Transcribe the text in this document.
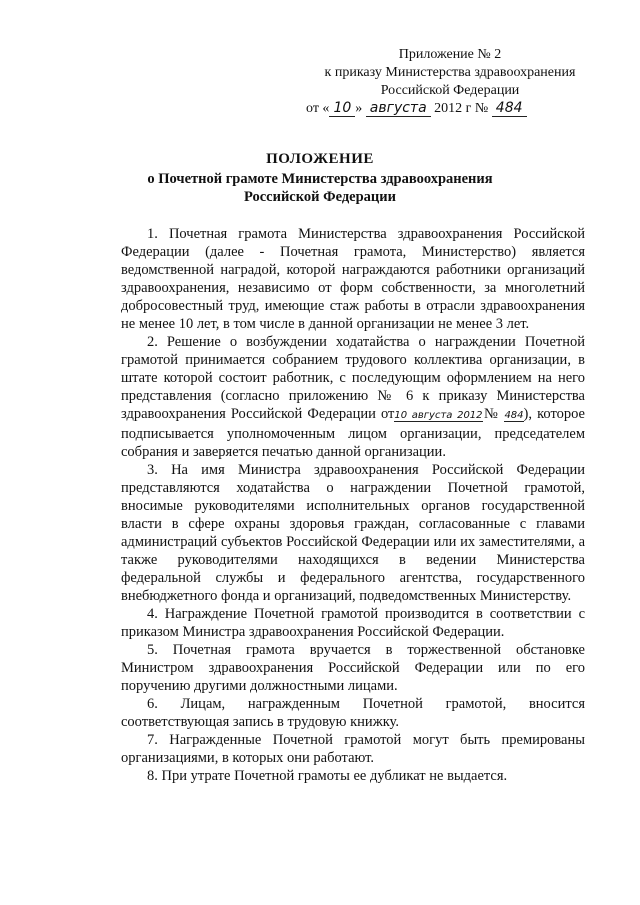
Приложение № 2
к приказу Министерства здравоохранения
Российской Федерации
от « 10 » августа 2012 г № 484
ПОЛОЖЕНИЕ
о Почетной грамоте Министерства здравоохранения
Российской Федерации

1. Почетная грамота Министерства здравоохранения Российской Федерации (далее - Почетная грамота, Министерство) является ведомственной наградой, которой награждаются работники организаций здравоохранения, независимо от форм собственности, за многолетний добросовестный труд, имеющие стаж работы в отрасли здравоохранения не менее 10 лет, в том числе в данной организации не менее 3 лет.

2. Решение о возбуждении ходатайства о награждении Почетной грамотой принимается собранием трудового коллектива организации, в штате которой состоит работник, с последующим оформлением на него представления (согласно приложению № 6 к приказу Министерства здравоохранения Российской Федерации от10 августа 2012№ 484), которое подписывается уполномоченным лицом организации, председателем собрания и заверяется печатью данной организации.

3. На имя Министра здравоохранения Российской Федерации представляются ходатайства о награждении Почетной грамотой, вносимые руководителями исполнительных органов государственной власти в сфере охраны здоровья граждан, согласованные с главами администраций субъектов Российской Федерации или их заместителями, а также руководителями находящихся в ведении Министерства федеральной службы и федерального агентства, государственного внебюджетного фонда и организаций, подведомственных Министерству.

4. Награждение Почетной грамотой производится в соответствии с приказом Министра здравоохранения Российской Федерации.

5. Почетная грамота вручается в торжественной обстановке Министром здравоохранения Российской Федерации или по его поручению другими должностными лицами.

6. Лицам, награжденным Почетной грамотой, вносится соответствующая запись в трудовую книжку.

7. Награжденные Почетной грамотой могут быть премированы организациями, в которых они работают.

8. При утрате Почетной грамоты ее дубликат не выдается.
